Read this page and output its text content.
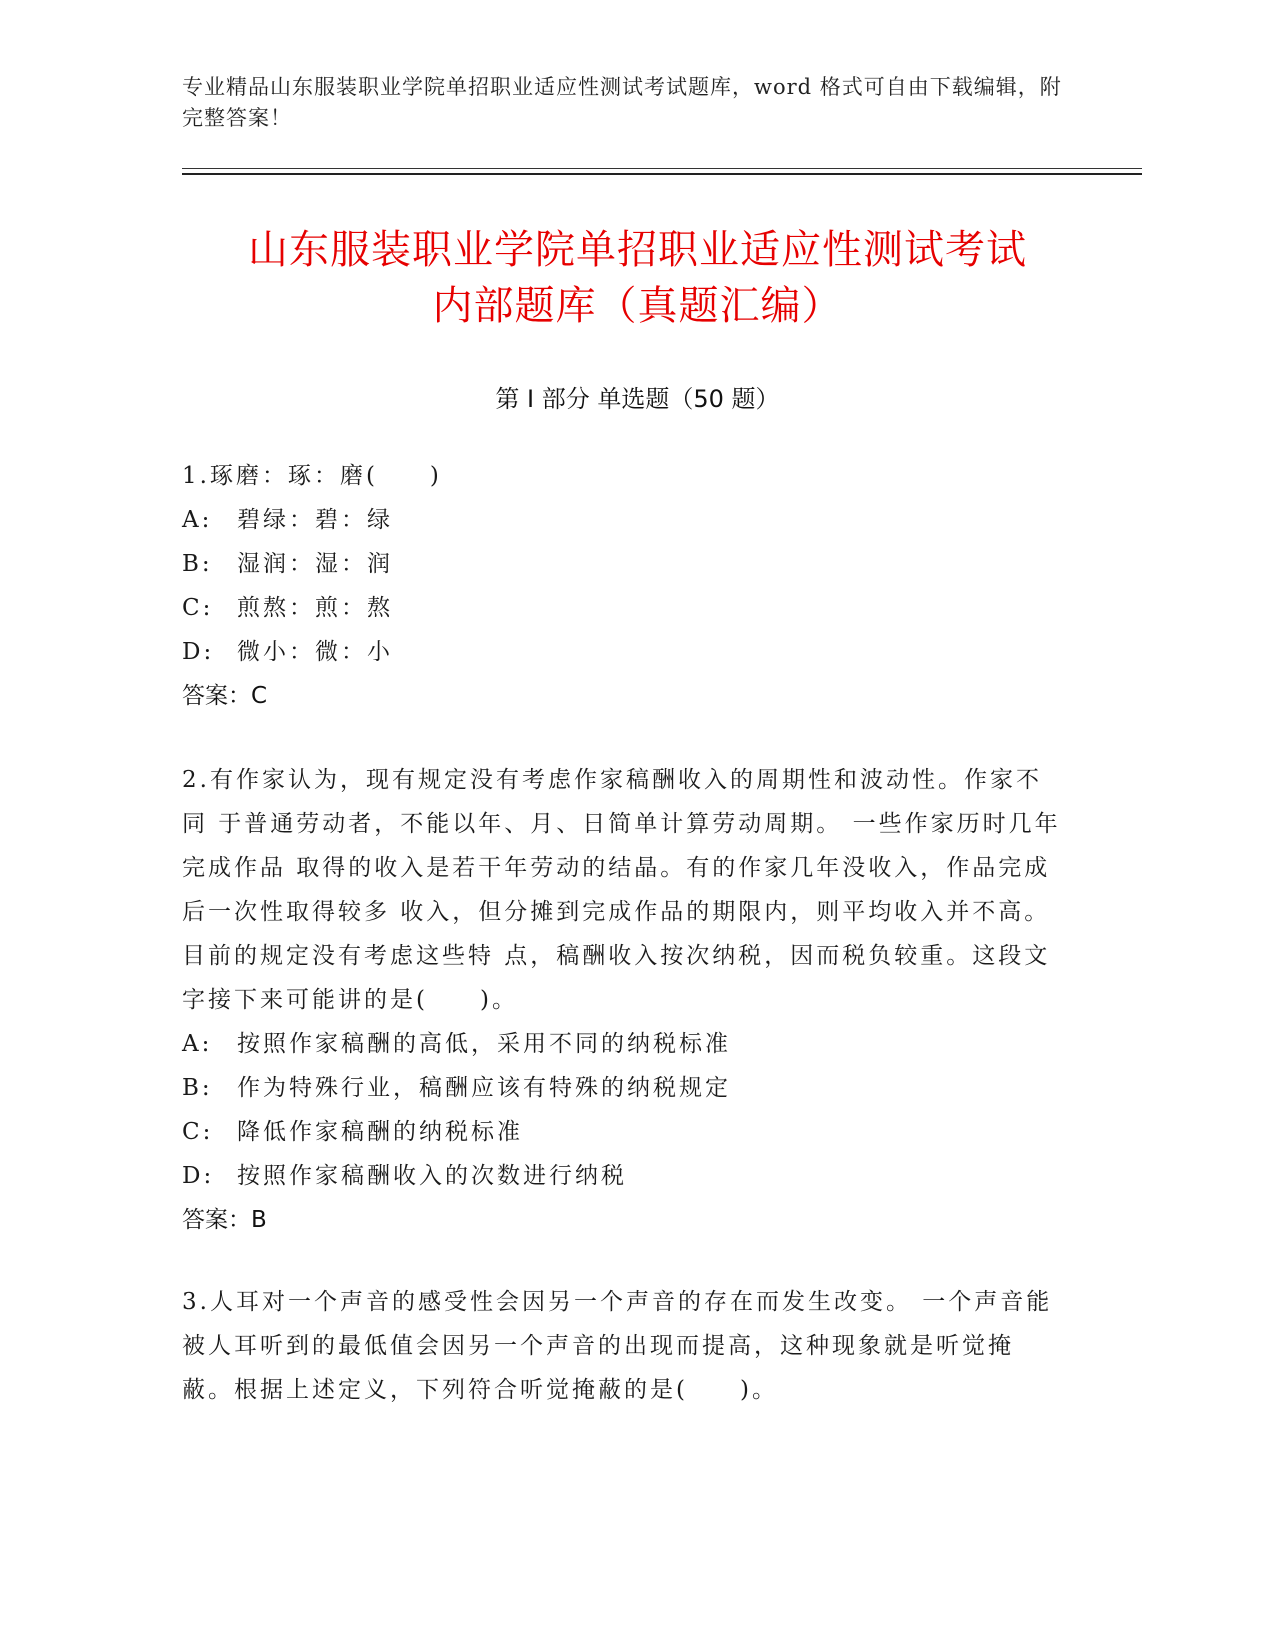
专业精品山东服装职业学院单招职业适应性测试考试题库，word 格式可自由下载编辑，附完整答案！
山东服装职业学院单招职业适应性测试考试
内部题库（真题汇编）
第 I 部分 单选题（50 题）

1.琢磨：琢：磨(　　)

A:	碧绿：碧：绿
B:	湿润：湿：润
C:	煎熬：煎：熬
D: 微小：微：小
答案：C

2.有作家认为，现有规定没有考虑作家稿酬收入的周期性和波动性。作家不同 于普通劳动者，不能以年、月、日简单计算劳动周期。 一些作家历时几年完成作品 取得的收入是若干年劳动的结晶。有的作家几年没收入，作品完成后一次性取得较多 收入，但分摊到完成作品的期限内，则平均收入并不高。目前的规定没有考虑这些特 点，稿酬收入按次纳税，因而税负较重。这段文字接下来可能讲的是(　　)。

A:	按照作家稿酬的高低，采用不同的纳税标准
B:	作为特殊行业，稿酬应该有特殊的纳税规定
C:	降低作家稿酬的纳税标准
D: 按照作家稿酬收入的次数进行纳税
答案：B

3.人耳对一个声音的感受性会因另一个声音的存在而发生改变。 一个声音能被人耳听到的最低值会因另一个声音的出现而提高，这种现象就是听觉掩蔽。根据上述定义，下列符合听觉掩蔽的是(　　)。
